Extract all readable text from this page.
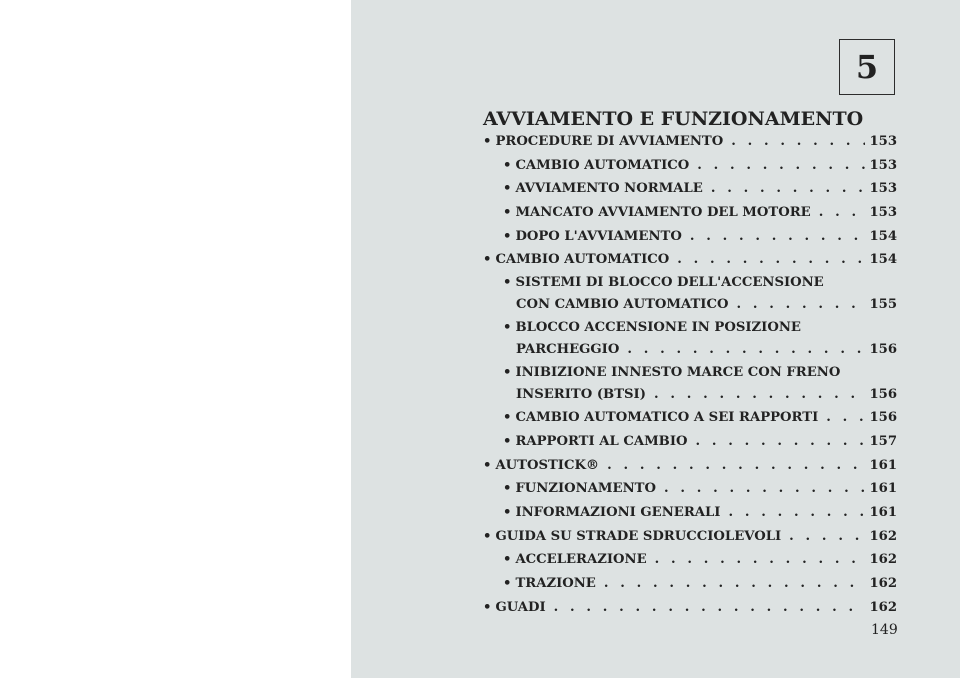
5
AVVIAMENTO E FUNZIONAMENTO
• PROCEDURE DI AVVIAMENTO . . .	153
• CAMBIO AUTOMATICO . . .	153
• AVVIAMENTO NORMALE . . .	153
• MANCATO AVVIAMENTO DEL MOTORE . . .	153
• DOPO L'AVVIAMENTO . . .	154
• CAMBIO AUTOMATICO . . .	154
• SISTEMI DI BLOCCO DELL'ACCENSIONE
CON CAMBIO AUTOMATICO . . .	155
• BLOCCO ACCENSIONE IN POSIZIONE
PARCHEGGIO . . .	156
• INIBIZIONE INNESTO MARCE CON FRENO
INSERITO (BTSI) . . .	156
• CAMBIO AUTOMATICO A SEI RAPPORTI . . .	156
• RAPPORTI AL CAMBIO . . .	157
• AUTOSTICK® . . .	161
• FUNZIONAMENTO . . .	161
• INFORMAZIONI GENERALI . . .	161
• GUIDA SU STRADE SDRUCCIOLEVOLI . . .	162
• ACCELERAZIONE . . .	162
• TRAZIONE . . .	162
• GUADI . . .	162

149
